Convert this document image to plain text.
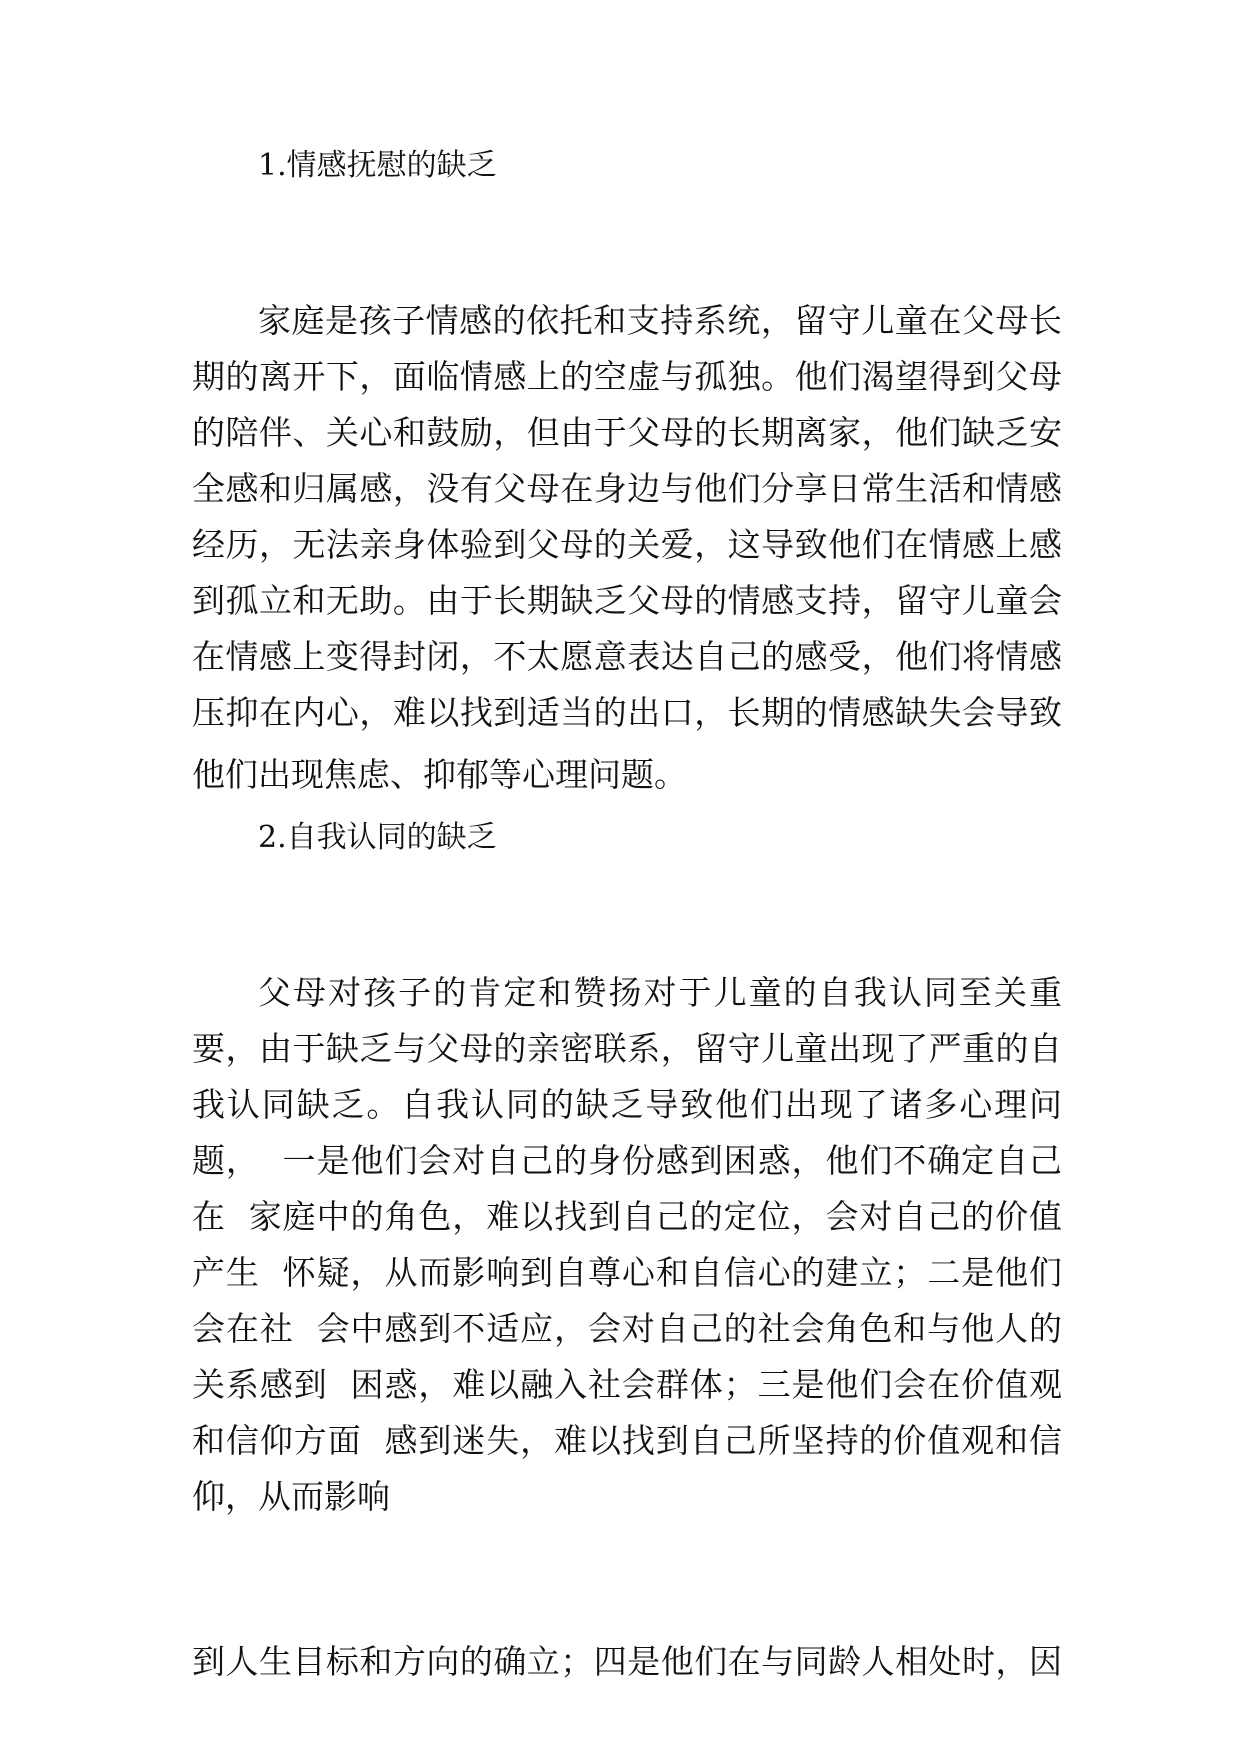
1.情感抚慰的缺乏
家庭是孩子情感的依托和支持系统，留守儿童在父母长
期的离开下，面临情感上的空虚与孤独。他们渴望得到父母
的陪伴、关心和鼓励，但由于父母的长期离家，他们缺乏安
全感和归属感，没有父母在身边与他们分享日常生活和情感
经历，无法亲身体验到父母的关爱，这导致他们在情感上感
到孤立和无助。由于长期缺乏父母的情感支持，留守儿童会
在情感上变得封闭，不太愿意表达自己的感受，他们将情感
压抑在内心，难以找到适当的出口，长期的情感缺失会导致
他们出现焦虑、抑郁等心理问题。
2.自我认同的缺乏
父母对孩子的肯定和赞扬对于儿童的自我认同至关重
要，由于缺乏与父母的亲密联系，留守儿童出现了严重的自
我认同缺乏。自我认同的缺乏导致他们出现了诸多心理问
题，  一是他们会对自己的身份感到困惑，他们不确定自己
在  家庭中的角色，难以找到自己的定位，会对自己的价值
产生  怀疑，从而影响到自尊心和自信心的建立；二是他们
会在社  会中感到不适应，会对自己的社会角色和与他人的
关系感到  困惑，难以融入社会群体；三是他们会在价值观
和信仰方面  感到迷失，难以找到自己所坚持的价值观和信
仰，从而影响
到人生目标和方向的确立；四是他们在与同龄人相处时，因
